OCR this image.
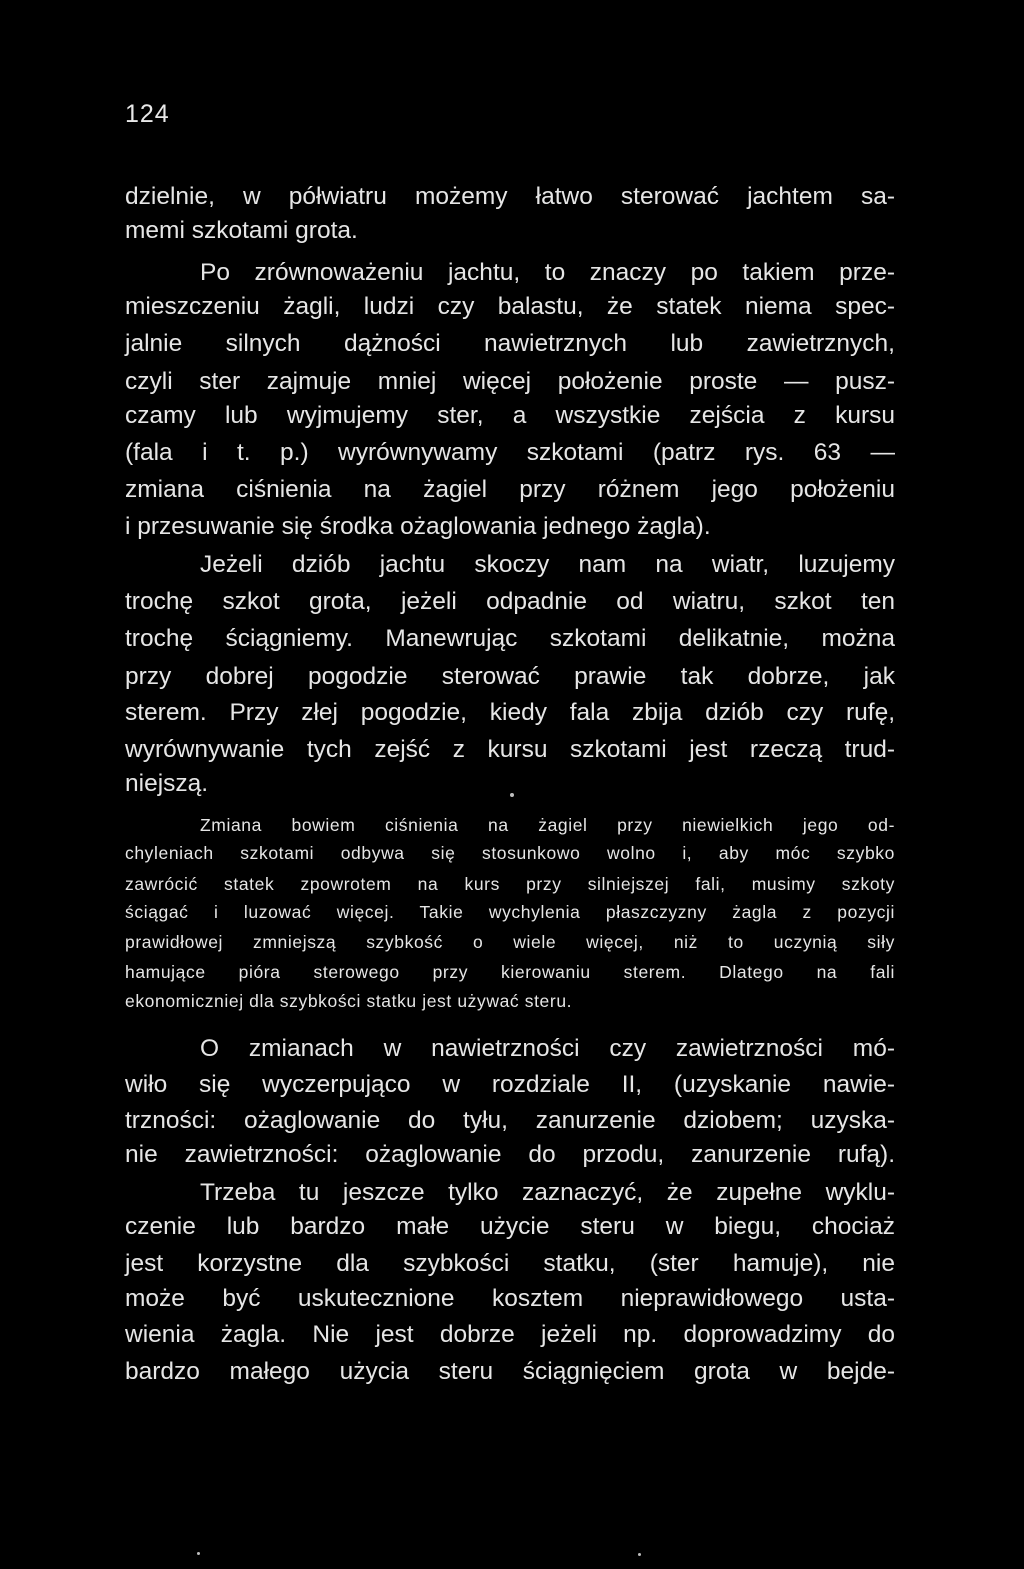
124
dzielnie, w półwiatru możemy łatwo sterować jachtem sa-
memi szkotami grota.
Po zrównoważeniu jachtu, to znaczy po takiem prze-
mieszczeniu żagli, ludzi czy balastu, że statek niema spec-
jalnie silnych dążności nawietrznych lub zawietrznych,
czyli ster zajmuje mniej więcej położenie proste — pusz-
czamy lub wyjmujemy ster, a wszystkie zejścia z kursu
(fala i t. p.) wyrównywamy szkotami (patrz rys. 63 —
zmiana ciśnienia na żagiel przy różnem jego położeniu
i przesuwanie się środka ożaglowania jednego żagla).
Jeżeli dziób jachtu skoczy nam na wiatr, luzujemy
trochę szkot grota, jeżeli odpadnie od wiatru, szkot ten
trochę ściągniemy. Manewrując szkotami delikatnie, można
przy dobrej pogodzie sterować prawie tak dobrze, jak
sterem. Przy złej pogodzie, kiedy fala zbija dziób czy rufę,
wyrównywanie tych zejść z kursu szkotami jest rzeczą trud-
niejszą.
Zmiana bowiem ciśnienia na żagiel przy niewielkich jego od-
chyleniach szkotami odbywa się stosunkowo wolno i, aby móc szybko
zawrócić statek zpowrotem na kurs przy silniejszej fali, musimy szkoty
ściągać i luzować więcej. Takie wychylenia płaszczyzny żagla z pozycji
prawidłowej zmniejszą szybkość o wiele więcej, niż to uczynią siły
hamujące pióra sterowego przy kierowaniu sterem. Dlatego na fali
ekonomiczniej dla szybkości statku jest używać steru.
O zmianach w nawietrzności czy zawietrzności mó-
wiło się wyczerpująco w rozdziale II, (uzyskanie nawie-
trzności: ożaglowanie do tyłu, zanurzenie dziobem; uzyska-
nie zawietrzności: ożaglowanie do przodu, zanurzenie rufą).
Trzeba tu jeszcze tylko zaznaczyć, że zupełne wyklu-
czenie lub bardzo małe użycie steru w biegu, chociaż
jest korzystne dla szybkości statku, (ster hamuje), nie
może być uskutecznione kosztem nieprawidłowego usta-
wienia żagla. Nie jest dobrze jeżeli np. doprowadzimy do
bardzo małego użycia steru ściągnięciem grota w bejde-
